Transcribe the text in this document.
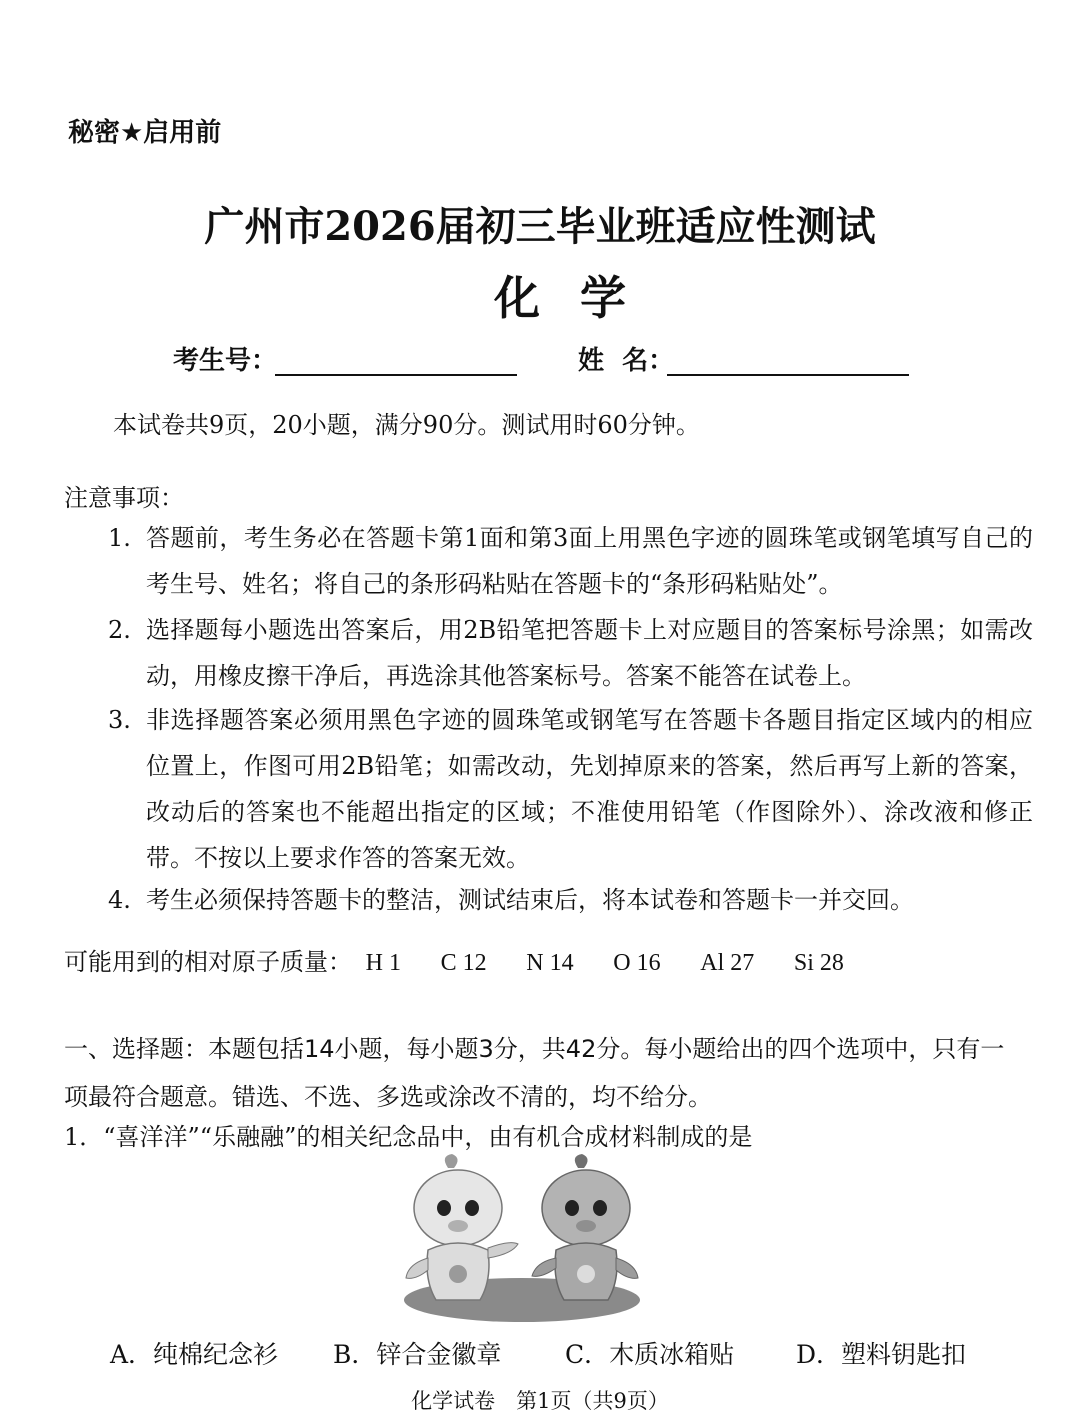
秘密★启用前
广州市2026届初三毕业班适应性测试
化学
考生号：	姓  名：
本试卷共9页，20小题，满分90分。测试用时60分钟。
注意事项：
1. 答题前，考生务必在答题卡第1面和第3面上用黑色字迹的圆珠笔或钢笔填写自己的考生号、姓名；将自己的条形码粘贴在答题卡的“条形码粘贴处”。
2. 选择题每小题选出答案后，用2B铅笔把答题卡上对应题目的答案标号涂黑；如需改动，用橡皮擦干净后，再选涂其他答案标号。答案不能答在试卷上。
3. 非选择题答案必须用黑色字迹的圆珠笔或钢笔写在答题卡各题目指定区域内的相应位置上，作图可用2B铅笔；如需改动，先划掉原来的答案，然后再写上新的答案，改动后的答案也不能超出指定的区域；不准使用铅笔（作图除外）、涂改液和修正带。不按以上要求作答的答案无效。
4. 考生必须保持答题卡的整洁，测试结束后，将本试卷和答题卡一并交回。
可能用到的相对原子质量： H 1 C 12 N 14 O 16 Al 27 Si 28
一、选择题：本题包括14小题，每小题3分，共42分。每小题给出的四个选项中，只有一项最符合题意。错选、不选、多选或涂改不清的，均不给分。
1．“喜洋洋”“乐融融”的相关纪念品中，由有机合成材料制成的是
A．纯棉纪念衫 B．锌合金徽章	C．木质冰箱贴 D．塑料钥匙扣
化学试卷　第1页（共9页）
